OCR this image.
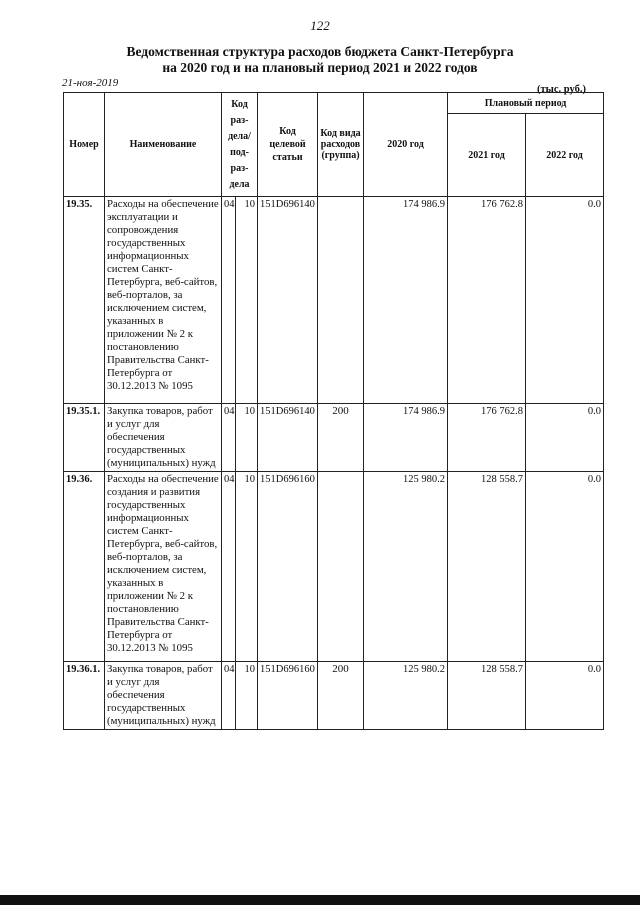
122
Ведомственная структура расходов бюджета Санкт-Петербурга
на 2020 год и на плановый период 2021 и 2022 годов
21-ноя-2019
(тыс. руб.)
Номер	Наименование	Код раз-дела/ под-раз-дела		Код целевой статьи	Код вида расходов (группа)	2020 год	Плановый период	
							2021 год	2022 год
19.35.	Расходы на обеспечение эксплуатации и сопровождения государственных информационных систем Санкт-Петербурга, веб-сайтов, веб-порталов, за исключением систем, указанных в приложении № 2 к постановлению Правительства Санкт-Петербурга от 30.12.2013 № 1095	04	10	151D696140		174 986.9	176 762.8	0.0
19.35.1.	Закупка товаров, работ и услуг для обеспечения государственных (муниципальных) нужд	04	10	151D696140	200	174 986.9	176 762.8	0.0
19.36.	Расходы на обеспечение создания и развития государственных информационных систем Санкт-Петербурга, веб-сайтов, веб-порталов, за исключением систем, указанных в приложении № 2 к постановлению Правительства Санкт-Петербурга от 30.12.2013 № 1095	04	10	151D696160		125 980.2	128 558.7	0.0
19.36.1.	Закупка товаров, работ и услуг для обеспечения государственных (муниципальных) нужд	04	10	151D696160	200	125 980.2	128 558.7	0.0
